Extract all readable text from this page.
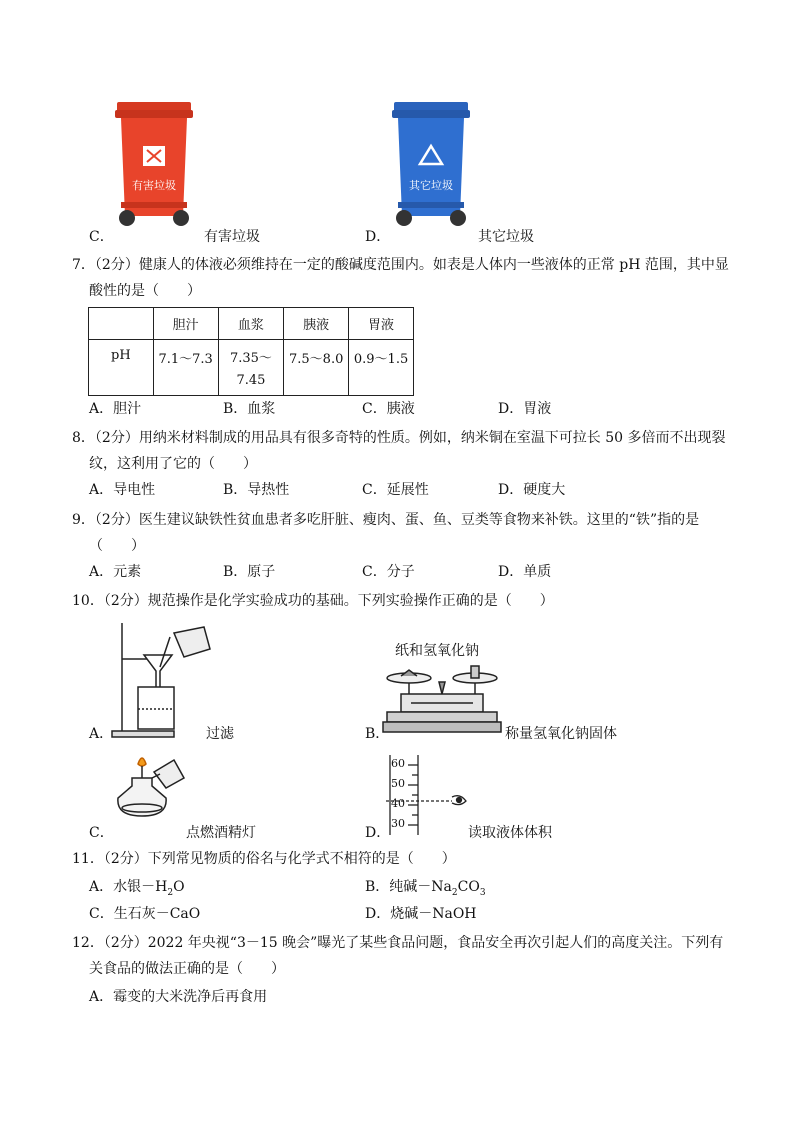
有害垃圾	其它垃圾
C．	有害垃圾	D．	其它垃圾
7．（2分）健康人的体液必须维持在一定的酸碱度范围内。如表是人体内一些液体的正常 pH 范围，其中显
酸性的是（　　）
	胆汁	血浆	胰液	胃液
pH	7.1～7.3	7.35～
7.45	7.5～8.0	0.9～1.5
A．胆汁	B．血浆	C．胰液	D．胃液
8．（2分）用纳米材料制成的用品具有很多奇特的性质。例如，纳米铜在室温下可拉长 50 多倍而不出现裂
纹，这利用了它的（　　）
A．导电性	B．导热性	C．延展性	D．硬度大
9．（2分）医生建议缺铁性贫血患者多吃肝脏、瘦肉、蛋、鱼、豆类等食物来补铁。这里的“铁”指的是
（　　）
A．元素	B．原子	C．分子	D．单质
10．（2分）规范操作是化学实验成功的基础。下列实验操作正确的是（　　）
A．	过滤
纸和氢氧化钠
B．	称量氢氧化钠固体
C．	点燃酒精灯
60
50
40
30
D．	读取液体体积
11．（2分）下列常见物质的俗名与化学式不相符的是（　　）
A．水银$-H_2O$	B．纯碱$-Na_2CO_3$
C．生石灰－CaO	D．烧碱－NaOH
12．（2分）2022 年央视“3－15 晚会”曝光了某些食品问题，食品安全再次引起人们的高度关注。下列有
关食品的做法正确的是（　　）
A．霉变的大米洗净后再食用
